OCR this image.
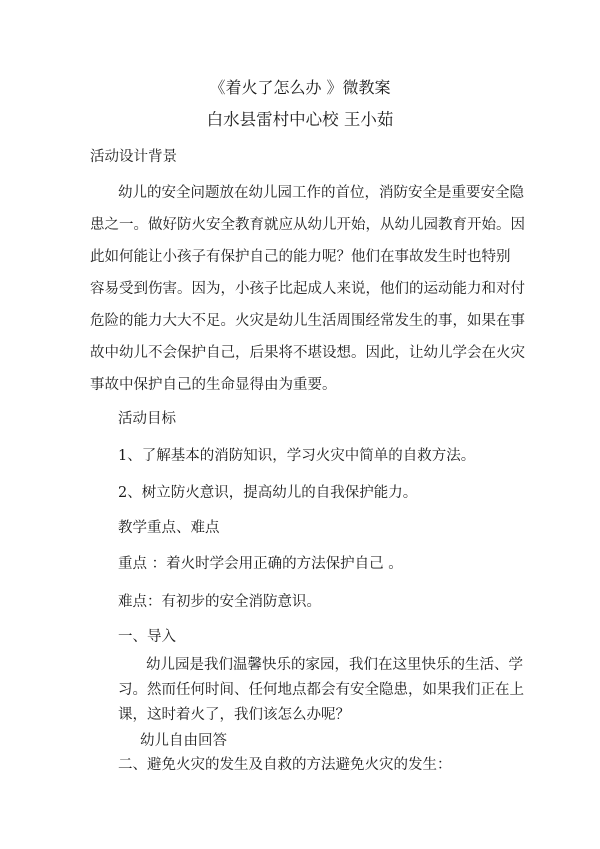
《着火了怎么办 》微教案
白水县雷村中心校 王小茹
活动设计背景
幼儿的安全问题放在幼儿园工作的首位，消防安全是重要安全隐
患之一。做好防火安全教育就应从幼儿开始，从幼儿园教育开始。因
此如何能让小孩子有保护自己的能力呢？他们在事故发生时也特别
容易受到伤害。因为，小孩子比起成人来说，他们的运动能力和对付
危险的能力大大不足。火灾是幼儿生活周围经常发生的事，如果在事
故中幼儿不会保护自己，后果将不堪设想。因此，让幼儿学会在火灾
事故中保护自己的生命显得由为重要。
活动目标
1、了解基本的消防知识，学习火灾中简单的自救方法。
2、树立防火意识，提高幼儿的自我保护能力。
教学重点、难点
重点 ：着火时学会用正确的方法保护自己 。
难点：有初步的安全消防意识。
一、导入
幼儿园是我们温馨快乐的家园，我们在这里快乐的生活、学
习。然而任何时间、任何地点都会有安全隐患，如果我们正在上
课，这时着火了，我们该怎么办呢？
幼儿自由回答
二、避免火灾的发生及自救的方法避免火灾的发生：
